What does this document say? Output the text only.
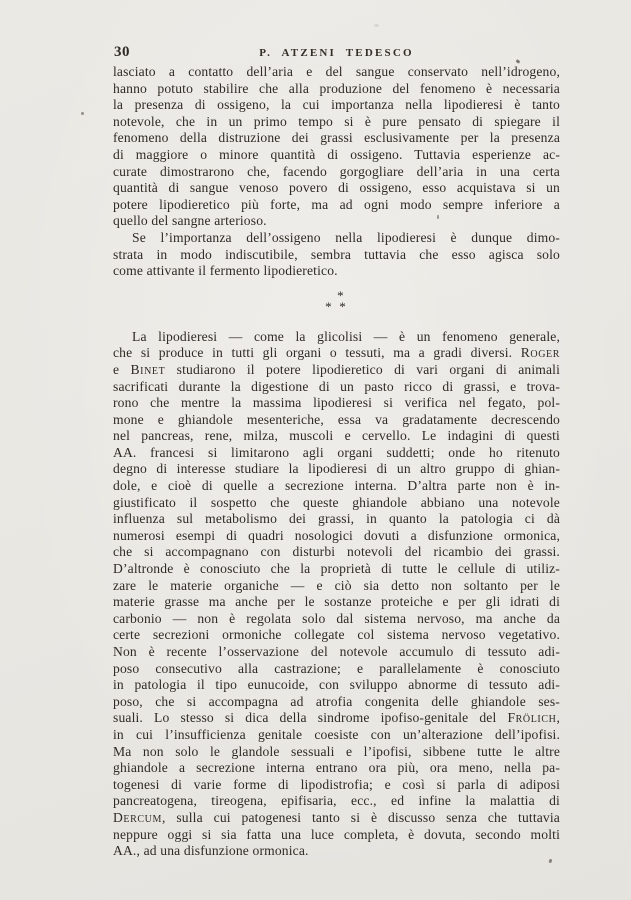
30	P. ATZENI TEDESCO
lasciato a contatto dell’aria e del sangue conservato nell’idrogeno,
hanno potuto stabilire che alla produzione del fenomeno è necessaria
la presenza di ossigeno, la cui importanza nella lipodieresi è tanto
notevole, che in un primo tempo si è pure pensato di spiegare il
fenomeno della distruzione dei grassi esclusivamente per la presenza
di maggiore o minore quantità di ossigeno. Tuttavia esperienze ac-
curate dimostrarono che, facendo gorgogliare dell’aria in una certa
quantità di sangue venoso povero di ossigeno, esso acquistava si un
potere lipodieretico più forte, ma ad ogni modo sempre inferiore a
quello del sangne arterioso.
Se l’importanza dell’ossigeno nella lipodieresi è dunque dimo-
strata in modo indiscutibile, sembra tuttavia che esso agisca solo
come attivante il fermento lipodieretico.
*
* *
La lipodieresi — come la glicolisi — è un fenomeno generale,
che si produce in tutti gli organi o tessuti, ma a gradi diversi. Roger
e Binet studiarono il potere lipodieretico di vari organi di animali
sacrificati durante la digestione di un pasto ricco di grassi, e trova-
rono che mentre la massima lipodieresi si verifica nel fegato, pol-
mone e ghiandole mesenteriche, essa va gradatamente decrescendo
nel pancreas, rene, milza, muscoli e cervello. Le indagini di questi
AA. francesi si limitarono agli organi suddetti; onde ho ritenuto
degno di interesse studiare la lipodieresi di un altro gruppo di ghian-
dole, e cioè di quelle a secrezione interna. D’altra parte non è in-
giustificato il sospetto che queste ghiandole abbiano una notevole
influenza sul metabolismo dei grassi, in quanto la patologia ci dà
numerosi esempi di quadri nosologici dovuti a disfunzione ormonica,
che si accompagnano con disturbi notevoli del ricambio dei grassi.
D’altronde è conosciuto che la proprietà di tutte le cellule di utiliz-
zare le materie organiche — e ciò sia detto non soltanto per le
materie grasse ma anche per le sostanze proteiche e per gli idrati di
carbonio — non è regolata solo dal sistema nervoso, ma anche da
certe secrezioni ormoniche collegate col sistema nervoso vegetativo.
Non è recente l’osservazione del notevole accumulo di tessuto adi-
poso consecutivo alla castrazione; e parallelamente è conosciuto
in patologia il tipo eunucoide, con sviluppo abnorme di tessuto adi-
poso, che si accompagna ad atrofia congenita delle ghiandole ses-
suali. Lo stesso si dica della sindrome ipofiso-genitale del Frölich,
in cui l’insufficienza genitale coesiste con un’alterazione dell’ipofisi.
Ma non solo le glandole sessuali e l’ipofisi, sibbene tutte le altre
ghiandole a secrezione interna entrano ora più, ora meno, nella pa-
togenesi di varie forme di lipodistrofia; e così si parla di adiposi
pancreatogena, tireogena, epifisaria, ecc., ed infine la malattia di
Dercum, sulla cui patogenesi tanto si è discusso senza che tuttavia
neppure oggi si sia fatta una luce completa, è dovuta, secondo molti
AA., ad una disfunzione ormonica.
